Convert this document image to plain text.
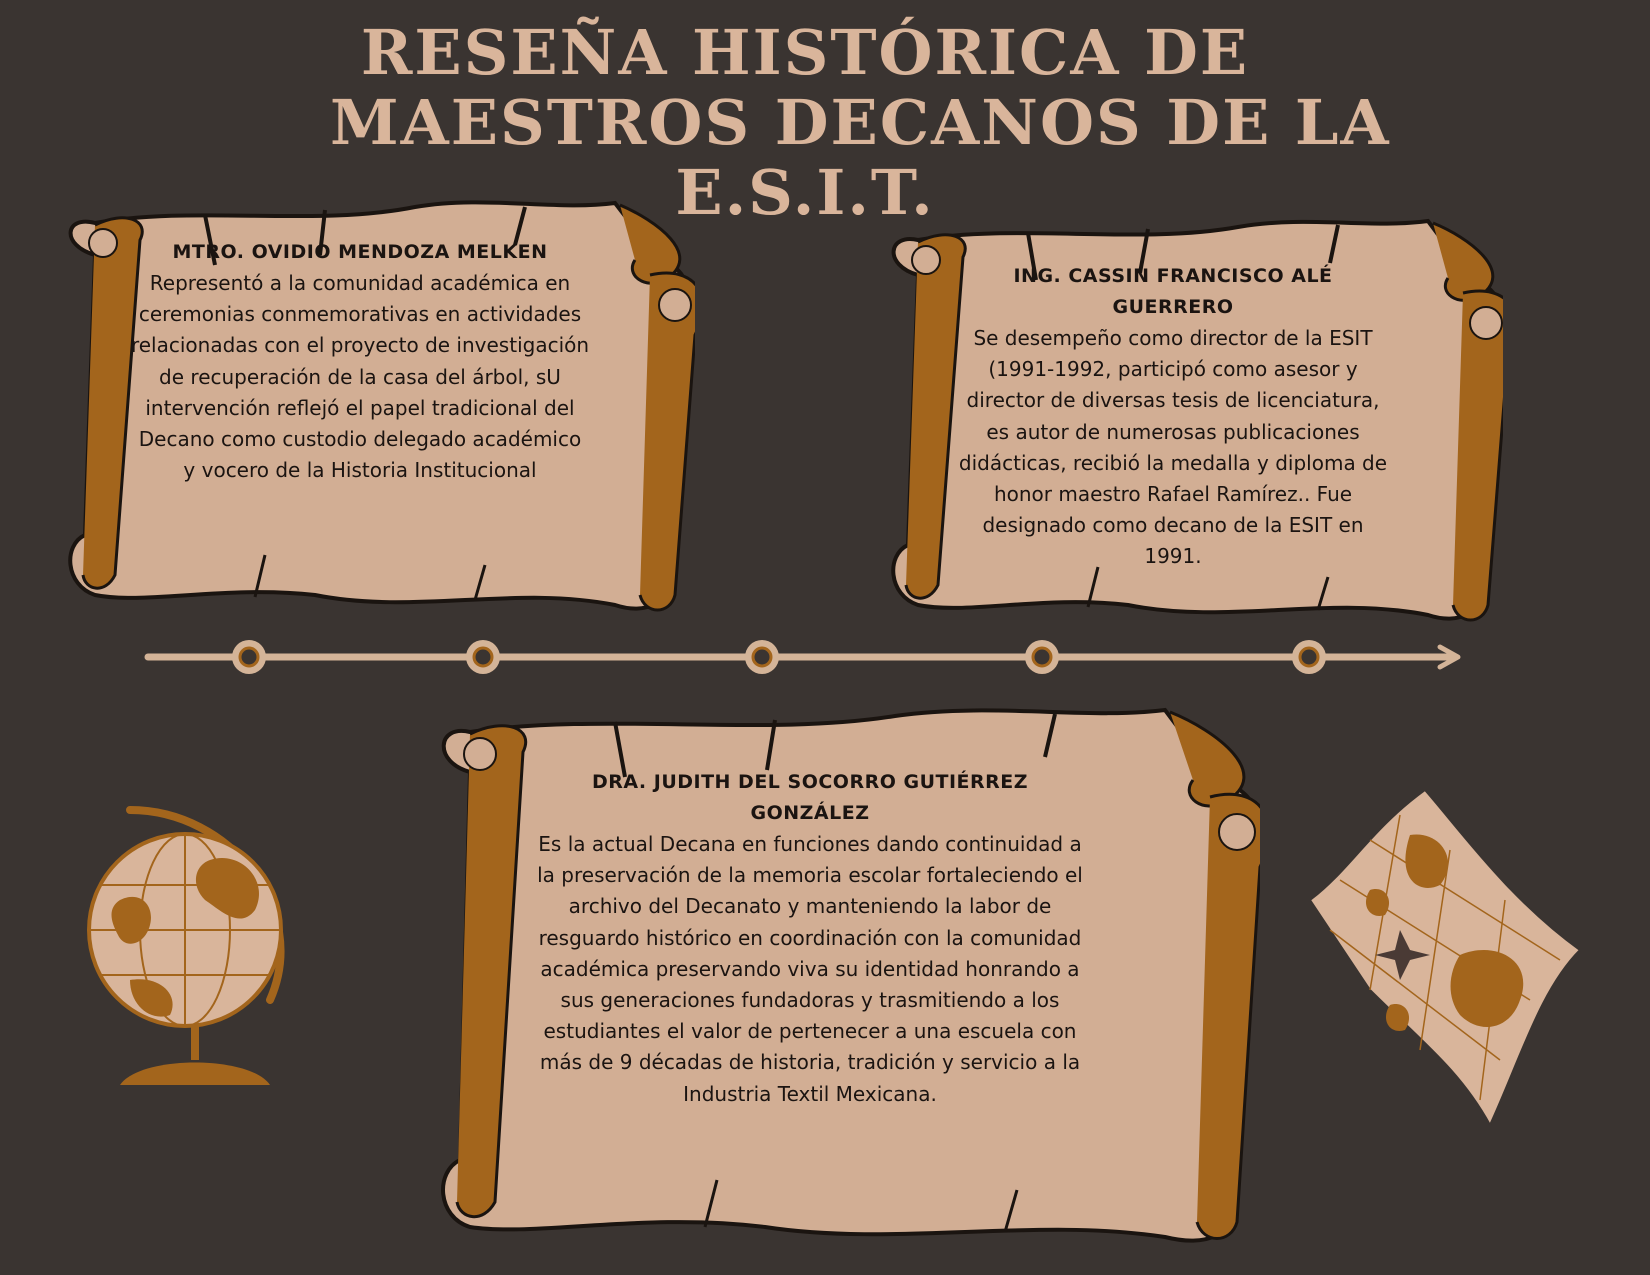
RESEÑA HISTÓRICA DE
MAESTROS DECANOS DE LA
E.S.I.T.
MTRO. OVIDIO MENDOZA MELKEN
Representó a la comunidad académica en ceremonias conmemorativas en actividades relacionadas con el proyecto de investigación de recuperación de la casa del árbol, sU intervención reflejó el papel tradicional del Decano como custodio delegado académico y vocero de la Historia Institucional
ING. CASSIN FRANCISCO ALÉ GUERRERO
Se desempeño como director de la ESIT (1991-1992, participó como asesor y director de diversas tesis de licenciatura, es autor de numerosas publicaciones didácticas, recibió la medalla y diploma de honor maestro Rafael Ramírez.. Fue designado como decano de la ESIT en 1991.
DRA. JUDITH DEL SOCORRO GUTIÉRREZ GONZÁLEZ
Es la actual Decana en funciones dando continuidad a la preservación de la memoria escolar fortaleciendo el archivo del Decanato y manteniendo la labor de resguardo histórico en coordinación con la comunidad académica preservando viva su identidad honrando a sus generaciones fundadoras y trasmitiendo a los estudiantes el valor de pertenecer a una escuela con más de 9 décadas de historia, tradición y servicio a la Industria Textil Mexicana.
